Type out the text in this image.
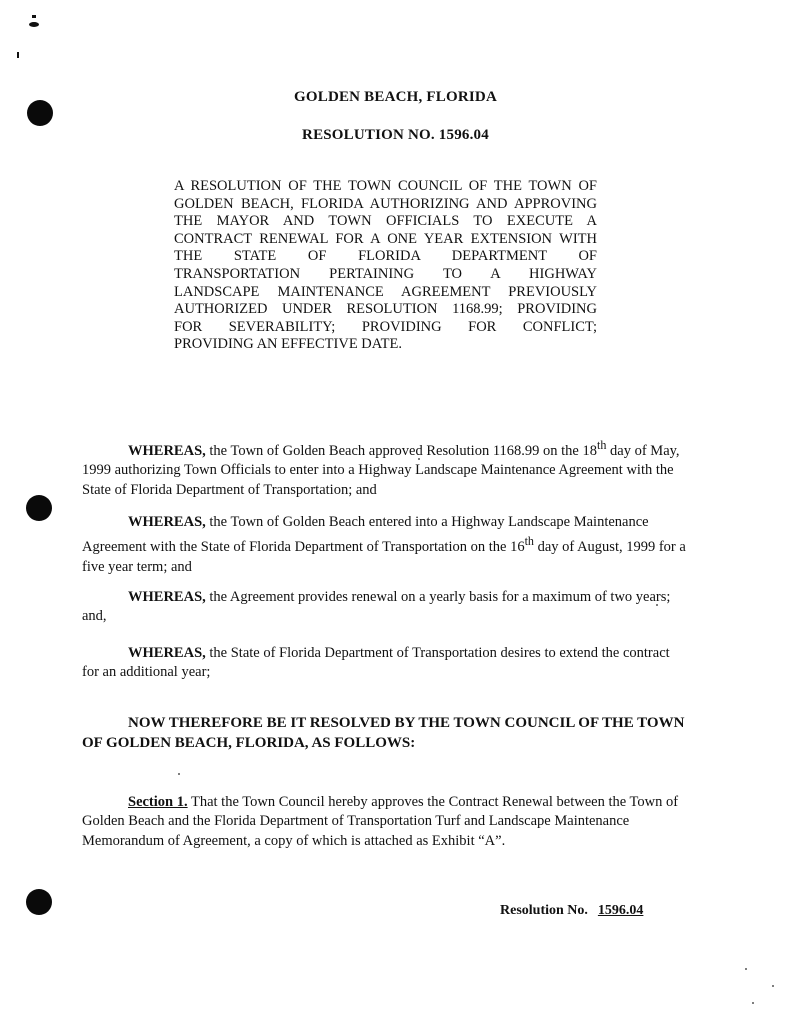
GOLDEN BEACH, FLORIDA
RESOLUTION NO. 1596.04
A RESOLUTION OF THE TOWN COUNCIL OF THE TOWN OF
GOLDEN BEACH, FLORIDA AUTHORIZING AND APPROVING
THE MAYOR AND TOWN OFFICIALS TO EXECUTE A
CONTRACT RENEWAL FOR A ONE YEAR EXTENSION WITH
THE STATE OF FLORIDA DEPARTMENT OF
TRANSPORTATION PERTAINING TO A HIGHWAY
LANDSCAPE MAINTENANCE AGREEMENT PREVIOUSLY
AUTHORIZED UNDER RESOLUTION 1168.99; PROVIDING
FOR SEVERABILITY; PROVIDING FOR CONFLICT;
PROVIDING AN EFFECTIVE DATE.

WHEREAS, the Town of Golden Beach approved Resolution 1168.99 on the 18th day of May, 1999 authorizing Town Officials to enter into a Highway Landscape Maintenance Agreement with the State of Florida Department of Transportation; and

WHEREAS, the Town of Golden Beach entered into a Highway Landscape Maintenance Agreement with the State of Florida Department of Transportation on the 16th day of August, 1999 for a five year term; and

WHEREAS, the Agreement provides renewal on a yearly basis for a maximum of two years; and,

WHEREAS, the State of Florida Department of Transportation desires to extend the contract for an additional year;

NOW THEREFORE BE IT RESOLVED BY THE TOWN COUNCIL OF THE TOWN OF GOLDEN BEACH, FLORIDA, AS FOLLOWS:

Section 1. That the Town Council hereby approves the Contract Renewal between the Town of Golden Beach and the Florida Department of Transportation Turf and Landscape Maintenance Memorandum of Agreement, a copy of which is attached as Exhibit “A”.

Resolution No. 1596.04
